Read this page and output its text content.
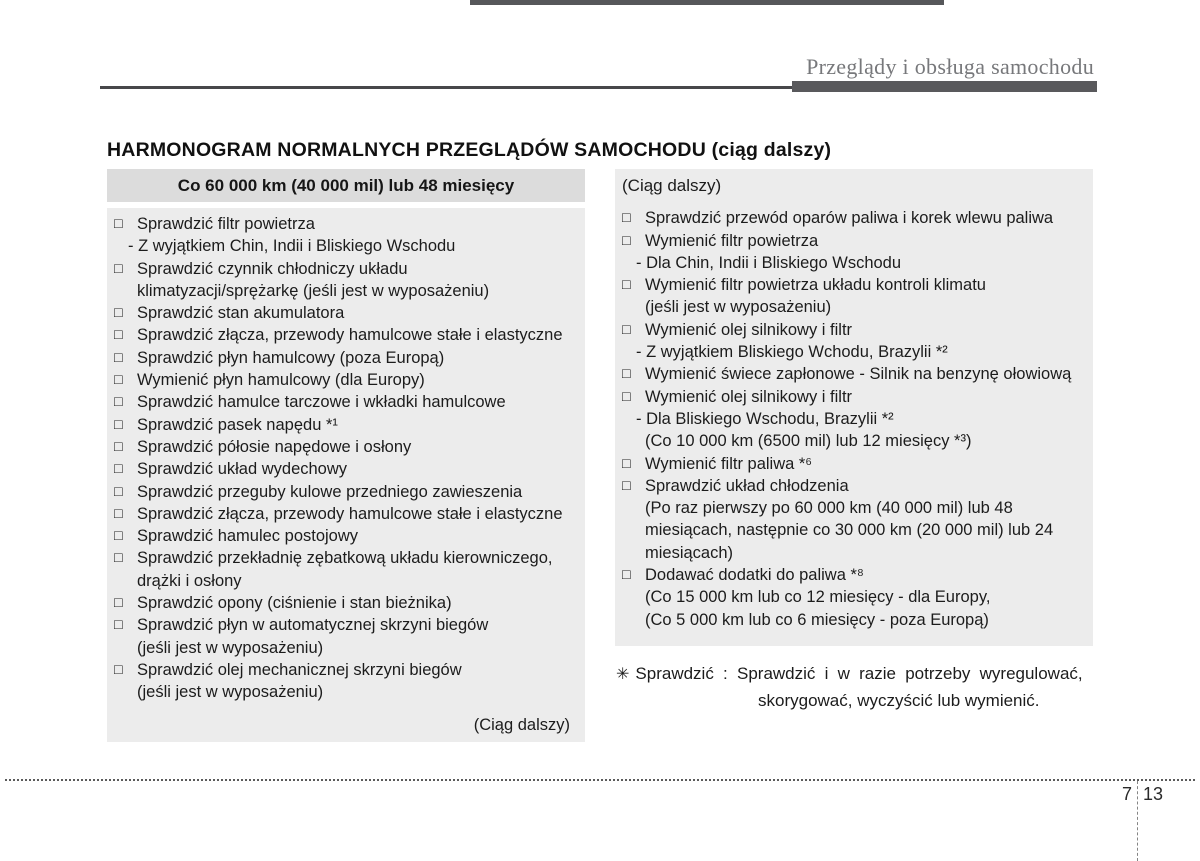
Przeglądy i obsługa samochodu
HARMONOGRAM NORMALNYCH PRZEGLĄDÓW SAMOCHODU (ciąg dalszy)
Co 60 000 km (40 000 mil) lub 48 miesięcy
□ Sprawdzić filtr powietrza
- Z wyjątkiem Chin, Indii i Bliskiego Wschodu
□ Sprawdzić czynnik chłodniczy układu
klimatyzacji/sprężarkę (jeśli jest w wyposażeniu)
□ Sprawdzić stan akumulatora
□ Sprawdzić złącza, przewody hamulcowe stałe i elastyczne
□ Sprawdzić płyn hamulcowy (poza Europą)
□ Wymienić płyn hamulcowy (dla Europy)
□ Sprawdzić hamulce tarczowe i wkładki hamulcowe
□ Sprawdzić pasek napędu *¹
□ Sprawdzić półosie napędowe i osłony
□ Sprawdzić układ wydechowy
□ Sprawdzić przeguby kulowe przedniego zawieszenia
□ Sprawdzić złącza, przewody hamulcowe stałe i elastyczne
□ Sprawdzić hamulec postojowy
□ Sprawdzić przekładnię zębatkową układu kierowniczego,
drążki i osłony
□ Sprawdzić opony (ciśnienie i stan bieżnika)
□ Sprawdzić płyn w automatycznej skrzyni biegów
(jeśli jest w wyposażeniu)
□ Sprawdzić olej mechanicznej skrzyni biegów
(jeśli jest w wyposażeniu)
(Ciąg dalszy)
(Ciąg dalszy)
□ Sprawdzić przewód oparów paliwa i korek wlewu paliwa
□ Wymienić filtr powietrza
- Dla Chin, Indii i Bliskiego Wschodu
□ Wymienić filtr powietrza układu kontroli klimatu
(jeśli jest w wyposażeniu)
□ Wymienić olej silnikowy i filtr
- Z wyjątkiem Bliskiego Wchodu, Brazylii *²
□ Wymienić świece zapłonowe - Silnik na benzynę ołowiową
□ Wymienić olej silnikowy i filtr
- Dla Bliskiego Wschodu, Brazylii *²
(Co 10 000 km (6500 mil) lub 12 miesięcy *³)
□ Wymienić filtr paliwa *⁶
□ Sprawdzić układ chłodzenia
(Po raz pierwszy po 60 000 km (40 000 mil) lub 48
miesiącach, następnie co 30 000 km (20 000 mil) lub 24
miesiącach)
□ Dodawać dodatki do paliwa *⁸
(Co 15 000 km lub co 12 miesięcy - dla Europy,
(Co 5 000 km lub co 6 miesięcy - poza Europą)
✳ Sprawdzić : Sprawdzić i w razie potrzeby wyregulować,
skorygować, wyczyścić lub wymienić.
7 13
